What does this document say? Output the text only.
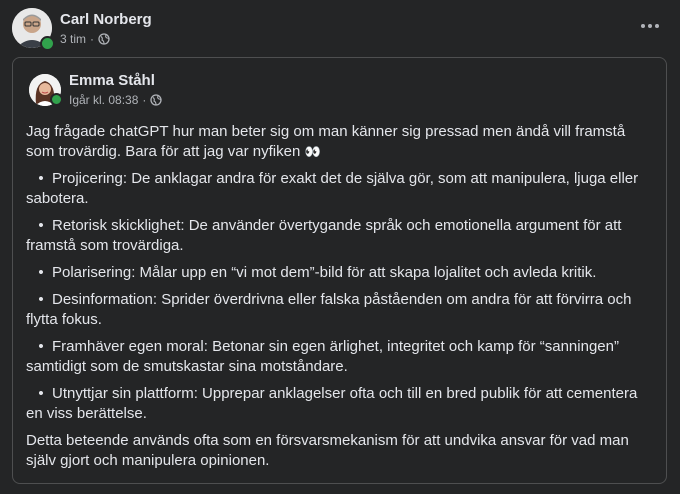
Carl Norberg
3 tim ·
Emma Ståhl
Igår kl. 08:38 ·

Jag frågade chatGPT hur man beter sig om man känner sig pressad men ändå vill framstå som trovärdig. Bara för att jag var nyfiken 👀

• Projicering: De anklagar andra för exakt det de själva gör, som att manipulera, ljuga eller sabotera.
• Retorisk skicklighet: De använder övertygande språk och emotionella argument för att framstå som trovärdiga.
• Polarisering: Målar upp en “vi mot dem”-bild för att skapa lojalitet och avleda kritik.
• Desinformation: Sprider överdrivna eller falska påståenden om andra för att förvirra och flytta fokus.
• Framhäver egen moral: Betonar sin egen ärlighet, integritet och kamp för “sanningen” samtidigt som de smutskastar sina motståndare.
• Utnyttjar sin plattform: Upprepar anklagelser ofta och till en bred publik för att cementera en viss berättelse.

Detta beteende används ofta som en försvarsmekanism för att undvika ansvar för vad man själv gjort och manipulera opinionen.
